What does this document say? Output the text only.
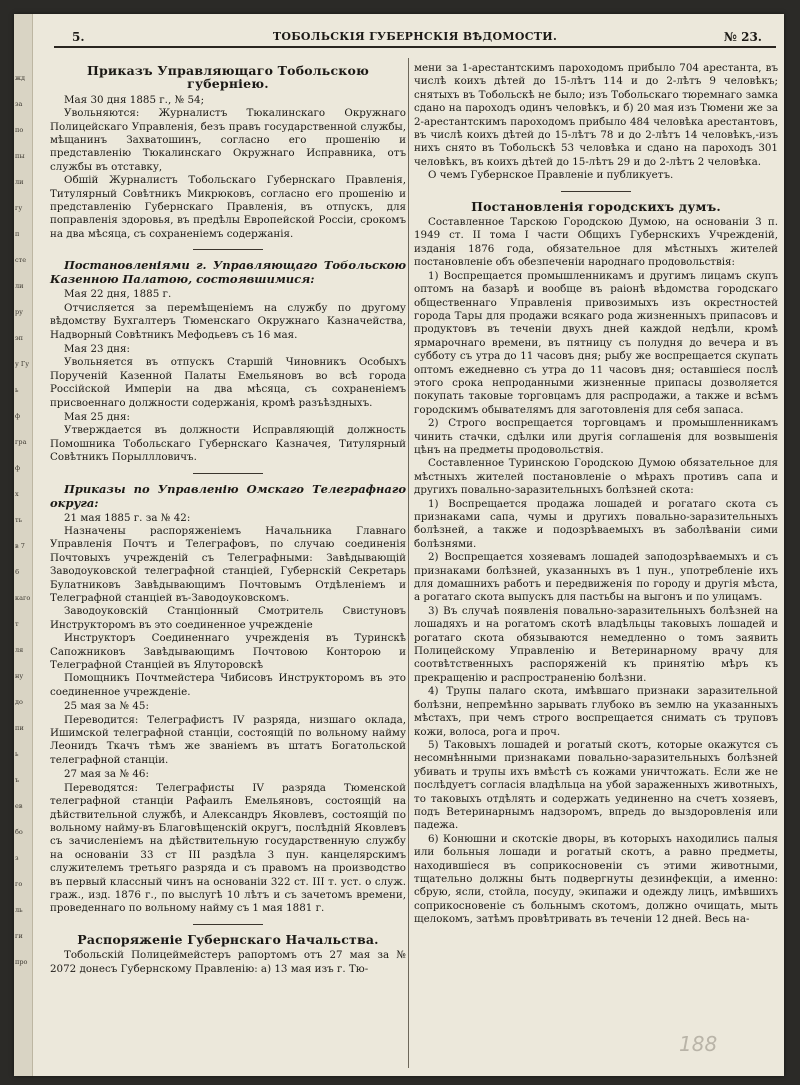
жд
за
по
пы
ли
гу
п
сте
ли
ру
эп
у Гу
ь
ф
гра
ф
х
ть
в 7
6
каго
т
ля
ну
до
пи
ь
ъ
ев
бо
з
го
ль
ги
про
5.	ТОБОЛЬСКІЯ ГУБЕРНСКІЯ ВѢДОМОСТИ.	№ 23.
Приказъ Управляющаго Тобольскою губерніею.

Мая 30 дня 1885 г., № 54;

Увольняются: Журналистъ Тюкалинскаго Окружнаго Полицейскаго Управленія, безъ правъ государственной службы, мѣщанинъ Захватошинъ, согласно его прошенію и представленію Тюкалинскаго Окружнаго Исправника, отъ службы въ отставку,

Обшій Журналистъ Тобольскаго Губернскаго Правленія, Титулярный Совѣтникъ Микрюковъ, согласно его прошенію и представленію Губернскаго Правленія, въ отпускъ, для поправленія здоровья, въ предѣлы Европейской Россіи, срокомъ на два мѣсяца, съ сохраненіемъ содержанія.

Постановленіями г. Управляющаго Тобольскою Казенною Палатою, состоявшимися:

Мая 22 дня, 1885 г.

Отчисляется за перемѣщеніемъ на службу по другому вѣдомству Бухгалтеръ Тюменскаго Окружнаго Казначейства, Надворный Совѣтникъ Мефодьевъ съ 16 мая.

Мая 23 дня:

Увольняется въ отпускъ Старшій Чиновникъ Особыхъ Порученій Казенной Палаты Емельяновъ во всѣ города Россійской Имперіи на два мѣсяца, съ сохраненіемъ присвоеннаго должности содержанія, кромѣ разъѣздныхъ.

Мая 25 дня:

Утверждается въ должности Исправляющій должность Помошника Тобольскаго Губернскаго Казначея, Титулярный Совѣтникъ Порыллловичъ.

Приказы по Управленію Омскаго Телеграфнаго округа:

21 мая 1885 г. за № 42:

Назначены распоряженіемъ Начальника Главнаго Управленія Почтъ и Телеграфовъ, по случаю соединенія Почтовыхъ учрежденій съ Телеграфными: Завѣдывающій Заводоуковской телеграфной станціей, Губернскій Секретарь Булатниковъ Завѣдывающимъ Почтовымъ Отдѣленіемъ и Телеграфной станціей въ-Заводоуковскомъ.

Заводоуковскій Станціонный Смотритель Свистуновъ Инструкторомъ въ это соединенное учрежденіе

Инструкторъ Соединеннаго учрежденія въ Туринскѣ Сапожниковъ Завѣдывающимъ Почтовою Конторою и Телеграфной Станціей въ Ялуторовскѣ

Помощникъ Почтмейстера Чибисовъ Инструкторомъ въ это соединенное учрежденіе.

25 мая за № 45:

Переводится: Телеграфистъ IV разряда, низшаго оклада, Ишимской телеграфной станціи, состоящій по вольному найму Леонидъ Ткачъ тѣмъ же званіемъ въ штатъ Богатольской телеграфной станціи.

27 мая за № 46:

Переводятся: Телеграфисты IV разряда Тюменской телеграфной станціи Рафаилъ Емельяновъ, состоящій на дѣйствительной службѣ, и Александръ Яковлевъ, состоящій по вольному найму-въ Благовѣщенскій округъ, послѣдній Яковлевъ съ зачисленіемъ на дѣйствительную государственную службу на основаніи 33 ст III раздѣла 3 пун. канцелярскимъ служителемъ третьяго разряда и съ правомъ на производство въ первый классный чинъ на основаніи 322 ст. III т. уст. о служ. граж., изд. 1876 г., по выслугѣ 10 лѣтъ и съ зачетомъ времени, проведеннаго по вольному найму съ 1 мая 1881 г.

Распоряженіе Губернскаго Начальства.

Тобольскій Полицеймейстеръ рапортомъ отъ 27 мая за № 2072 донесъ Губернскому Правленію: а) 13 мая изъ г. Тю-

мени за 1-арестантскимъ пароходомъ прибыло 704 арестанта, въ числѣ коихъ дѣтей до 15-лѣтъ 114 и до 2-лѣтъ 9 человѣкъ; снятыхъ въ Тобольскѣ не было; изъ Тобольскаго тюремнаго замка сдано на пароходъ одинъ человѣкъ, и б) 20 мая изъ Тюмени же за 2-арестантскимъ пароходомъ прибыло 484 человѣка арестантовъ, въ числѣ коихъ дѣтей до 15-лѣтъ 78 и до 2-лѣтъ 14 человѣкъ,-изъ нихъ снято въ Тобольскѣ 53 человѣка и сдано на пароходъ 301 человѣкъ, въ коихъ дѣтей до 15-лѣтъ 29 и до 2-лѣтъ 2 человѣка.

О чемъ Губернское Правленіе и публикуетъ.

Постановленія городскихъ думъ.

Составленное Тарскою Городскою Думою, на основаніи 3 п. 1949 ст. II тома I части Общихъ Губернскихъ Учрежденій, изданія 1876 года, обязательное для мѣстныхъ жителей постановленіе объ обезпеченіи народнаго продовольствія:

1) Воспрещается промышленникамъ и другимъ лицамъ скупъ оптомъ на базарѣ и вообще въ раіонѣ вѣдомства городскаго общественнаго Управленія привозимыхъ изъ окрестностей города Тары для продажи всякаго рода жизненныхъ припасовъ и продуктовъ въ теченіи двухъ дней каждой недѣли, кромѣ ярмарочнаго времени, въ пятницу съ полудня до вечера и въ субботу съ утра до 11 часовъ дня; рыбу же воспрещается скупать оптомъ ежедневно съ утра до 11 часовъ дня; оставшіеся послѣ этого срока непроданными жизненные припасы дозволяется покупать таковые торговцамъ для распродажи, а также и всѣмъ городскимъ обывателямъ для заготовленія для себя запаса.

2) Строго воспрещается торговцамъ и промышленникамъ чинить стачки, сдѣлки или другія соглашенія для возвышенія цѣнъ на предметы продовольствія.

Составленное Туринскою Городскою Думою обязательное для мѣстныхъ жителей постановленіе о мѣрахъ противъ сапа и другихъ повально-заразительныхъ болѣзней скота:

1) Воспрещается продажа лошадей и рогатаго скота съ признаками сапа, чумы и другихъ повально-заразительныхъ болѣзней, а также и подозрѣваемыхъ въ заболѣваніи сими болѣзнями.

2) Воспрещается хозяевамъ лошадей заподозрѣваемыхъ и съ признаками болѣзней, указанныхъ въ 1 пун., употребленіе ихъ для домашнихъ работъ и передвиженія по городу и другія мѣста, а рогатаго скота выпускъ для пастьбы на выгонъ и по улицамъ.

3) Въ случаѣ появленія повально-заразительныхъ болѣзней на лошадяхъ и на рогатомъ скотѣ владѣльцы таковыхъ лошадей и рогатаго скота обязываются немедленно о томъ заявить Полицейскому Управленію и Ветеринарному врачу для соотвѣтственныхъ распоряженій къ принятію мѣръ къ прекращенію и распространенію болѣзни.

4) Трупы палаго скота, имѣвшаго признаки заразительной болѣзни, непремѣнно зарывать глубоко въ землю на указанныхъ мѣстахъ, при чемъ строго воспрещается снимать съ труповъ кожи, волоса, рога и проч.

5) Таковыхъ лошадей и рогатый скотъ, которые окажутся съ несомнѣнными признаками повально-заразительныхъ болѣзней убивать и трупы ихъ вмѣстѣ съ кожами уничтожать. Если же не послѣдуетъ согласія владѣльца на убой зараженныхъ животныхъ, то таковыхъ отдѣлять и содержать уединенно на счетъ хозяевъ, подъ Ветеринарнымъ надзоромъ, впредь до выздоровленія или падежа.

6) Конюшни и скотскіе дворы, въ которыхъ находились палыя или больныя лошади и рогатый скотъ, а равно предметы, находившіеся въ соприкосновеніи съ этими животными, тщательно должны быть подвергнуты дезинфекціи, а именно: сбрую, ясли, стойла, посуду, экипажи и одежду лицъ, имѣвшихъ соприкосновеніе съ больнымъ скотомъ, должно очищать, мыть щелокомъ, затѣмъ провѣтривать въ теченіи 12 дней. Весь на-

188
